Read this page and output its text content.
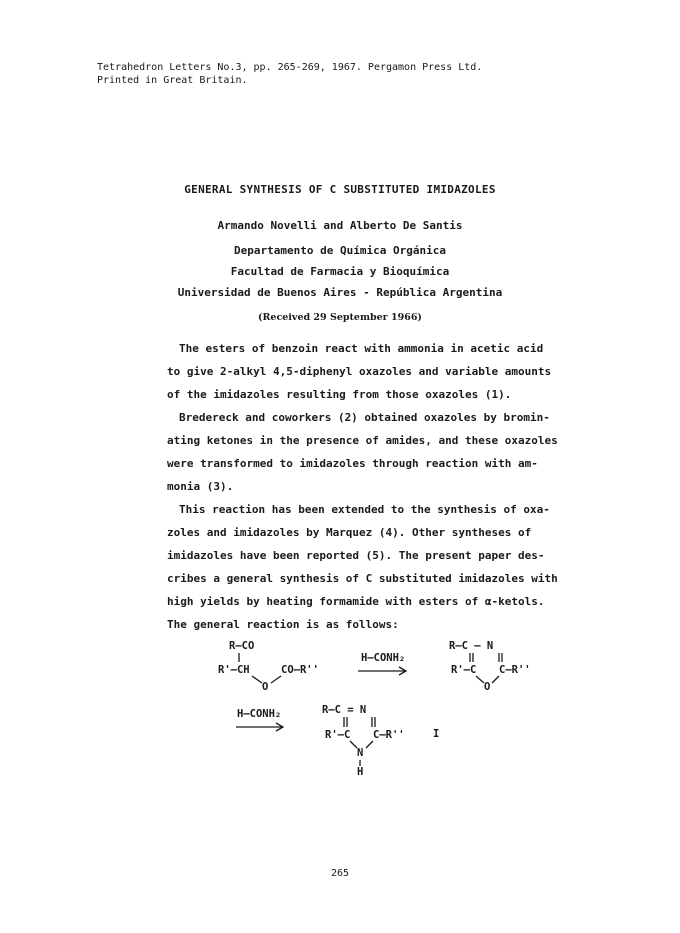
Tetrahedron Letters No.3, pp. 265-269, 1967. Pergamon Press Ltd.
Printed in Great Britain.
GENERAL SYNTHESIS OF C SUBSTITUTED IMIDAZOLES
Armando Novelli and Alberto De Santis
Departamento de Química Orgánica
Facultad de Farmacia y Bioquímica
Universidad de Buenos Aires - República Argentina
(Received 29 September 1966)
The esters of benzoin react with ammonia in acetic acid
to give 2-alkyl 4,5-diphenyl oxazoles and variable amounts
of the imidazoles resulting from those oxazoles (1).
Bredereck and coworkers (2) obtained oxazoles by bromin-
ating ketones in the presence of amides, and these oxazoles
were transformed to imidazoles through reaction with am-
monia (3).
This reaction has been extended to the synthesis of oxa-
zoles and imidazoles by Marquez (4). Other syntheses of
imidazoles have been reported (5). The present paper des-
cribes a general synthesis of C substituted imidazoles with
high yields by heating formamide with esters of α-ketols.
The general reaction is as follows:
R—CO
R'—CH
O
CO—R''
H—CONH₂
R—C — N
R'—C
O
C—R''
H—CONH₂	R—C = N
R'—C
N
C—R''
H
I
265
